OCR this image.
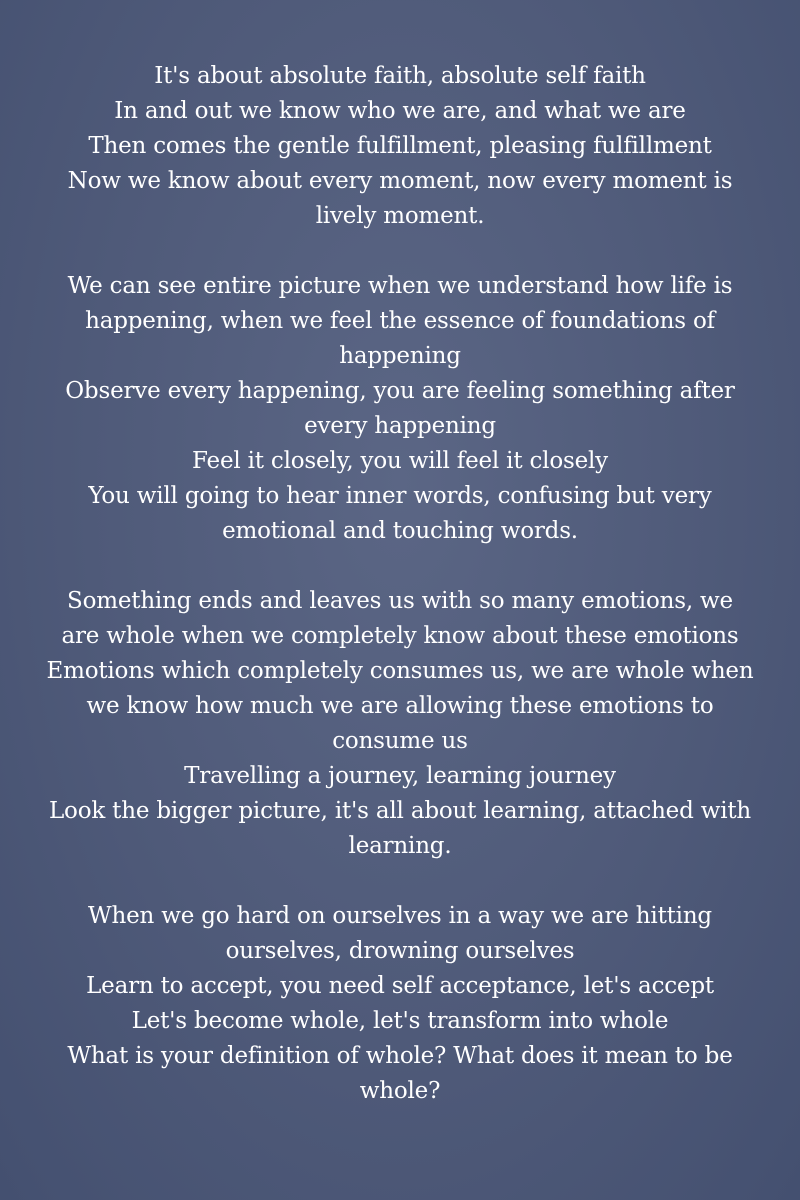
It's about absolute faith, absolute self faith
In and out we know who we are, and what we are
Then comes the gentle fulfillment, pleasing fulfillment
Now we know about every moment, now every moment is lively moment.
We can see entire picture when we understand how life is happening, when we feel the essence of foundations of happening
Observe every happening, you are feeling something after every happening
Feel it closely, you will feel it closely
You will going to hear inner words, confusing but very emotional and touching words.
Something ends and leaves us with so many emotions, we are whole when we completely know about these emotions
Emotions which completely consumes us, we are whole when we know how much we are allowing these emotions to consume us
Travelling a journey, learning journey
Look the bigger picture, it's all about learning, attached with learning.
When we go hard on ourselves in a way we are hitting ourselves, drowning ourselves
Learn to accept, you need self acceptance, let's accept
Let's become whole, let's transform into whole
What is your definition of whole? What does it mean to be whole?
